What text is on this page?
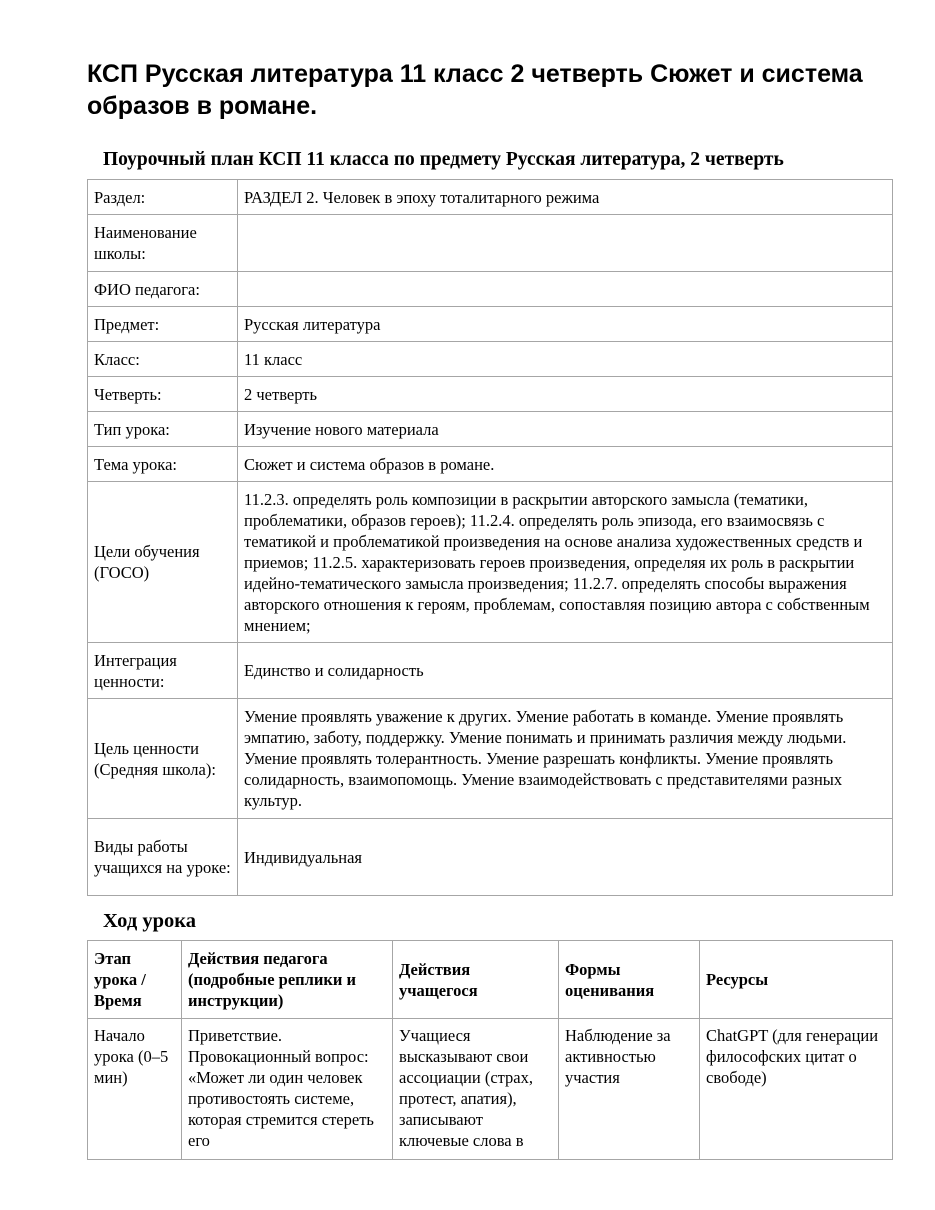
КСП Русская литература 11 класс 2 четверть Сюжет и система образов в романе.
Поурочный план КСП 11 класса по предмету Русская литература, 2 четверть
Раздел:	РАЗДЕЛ 2. Человек в эпоху тоталитарного режима
Наименование школы:	
ФИО педагога:	
Предмет:	Русская литература
Класс:	11 класс
Четверть:	2 четверть
Тип урока:	Изучение нового материала
Тема урока:	Сюжет и система образов в романе.
Цели обучения (ГОСО)	11.2.3. определять роль композиции в раскрытии авторского замысла (тематики, проблематики, образов героев); 11.2.4. определять роль эпизода, его взаимосвязь с тематикой и проблематикой произведения на основе анализа художественных средств и приемов; 11.2.5. характеризовать героев произведения, определяя их роль в раскрытии идейно-тематического замысла произведения; 11.2.7. определять способы выражения авторского отношения к героям, проблемам, сопоставляя позицию автора с собственным мнением;
Интеграция ценности:	Единство и солидарность
Цель ценности (Средняя школа):	Умение проявлять уважение к других. Умение работать в команде. Умение проявлять эмпатию, заботу, поддержку. Умение понимать и принимать различия между людьми. Умение проявлять толерантность. Умение разрешать конфликты. Умение проявлять солидарность, взаимопомощь. Умение взаимодействовать с представителями разных культур.
Виды работы учащихся на уроке:	Индивидуальная
Ход урока
Этап урока / Время	Действия педагога (подробные реплики и инструкции)	Действия учащегося	Формы оценивания	Ресурсы

Начало урока (0–5 мин)	Приветствие. Провокационный вопрос: «Может ли один человек противостоять системе, которая стремится стереть его	Учащиеся высказывают свои ассоциации (страх, протест, апатия), записывают ключевые слова в	Наблюдение за активностью участия	ChatGPT (для генерации философских цитат о свободе)
